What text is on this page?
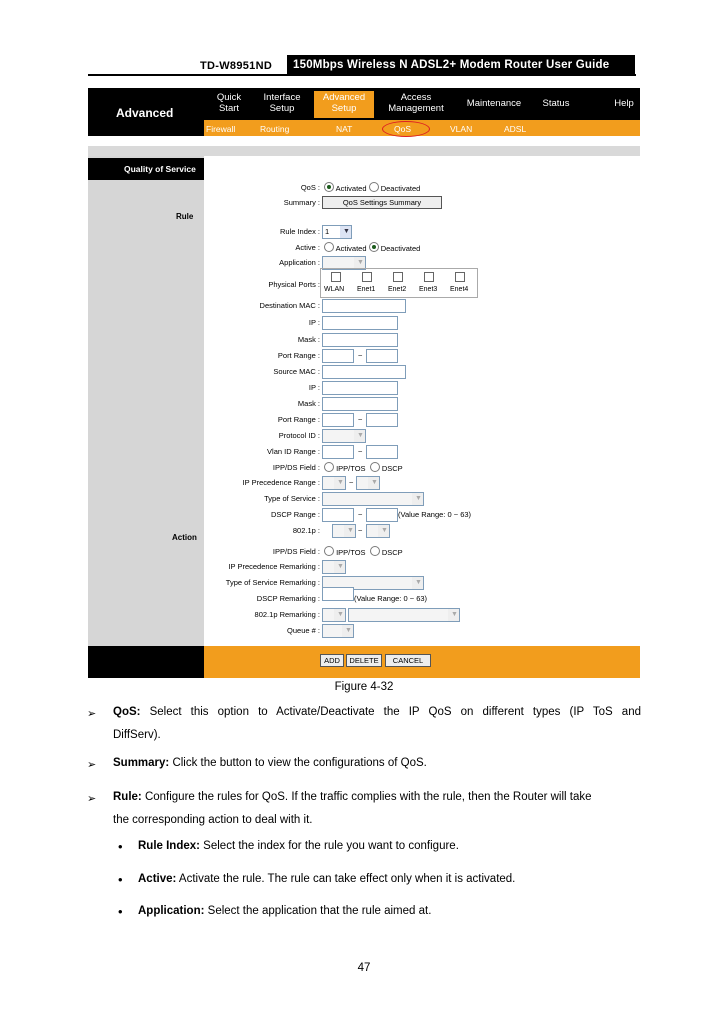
TD-W8951ND	150Mbps Wireless N ADSL2+ Modem Router User Guide
Advanced
Quick
Start
Interface
Setup
Advanced
Setup
Access
Management	Maintenance	Status	Help
Firewall	Routing	NAT	QoS	VLAN	ADSL
Quality of Service
QoS :	Activated Deactivated
Summary :	QoS Settings Summary
Rule
Rule Index : 1	▼
Active :	Activated Deactivated
Application :	▼
Physical Ports :
WLAN Enet1 Enet2 Enet3 Enet4
Destination MAC :
IP :
Mask :
Port Range :	~
Source MAC :
IP :
Mask :
Port Range :	~
Protocol ID :	▼
Vlan ID Range :	~
IPP/DS Field :	IPP/TOS DSCP
IP Precedence Range :	▼ ~	▼
Type of Service :	▼
DSCP Range :	~	(Value Range: 0 ~ 63)
802.1p :	▼ ~	▼
Action
IPP/DS Field :	IPP/TOS DSCP
IP Precedence Remarking :	▼
Type of Service Remarking :	▼
DSCP Remarking :	(Value Range: 0 ~ 63)
802.1p Remarking :	▼	▼
Queue # :	▼
ADD	DELETE	CANCEL
Figure 4-32
➢ QoS: Select this option to Activate/Deactivate the IP QoS on different types (IP ToS and
DiffServ).
➢ Summary: Click the button to view the configurations of QoS.
➢ Rule: Configure the rules for QoS. If the traffic complies with the rule, then the Router will take
the corresponding action to deal with it.
• Rule Index: Select the index for the rule you want to configure.
• Active: Activate the rule. The rule can take effect only when it is activated.
• Application: Select the application that the rule aimed at.
47
